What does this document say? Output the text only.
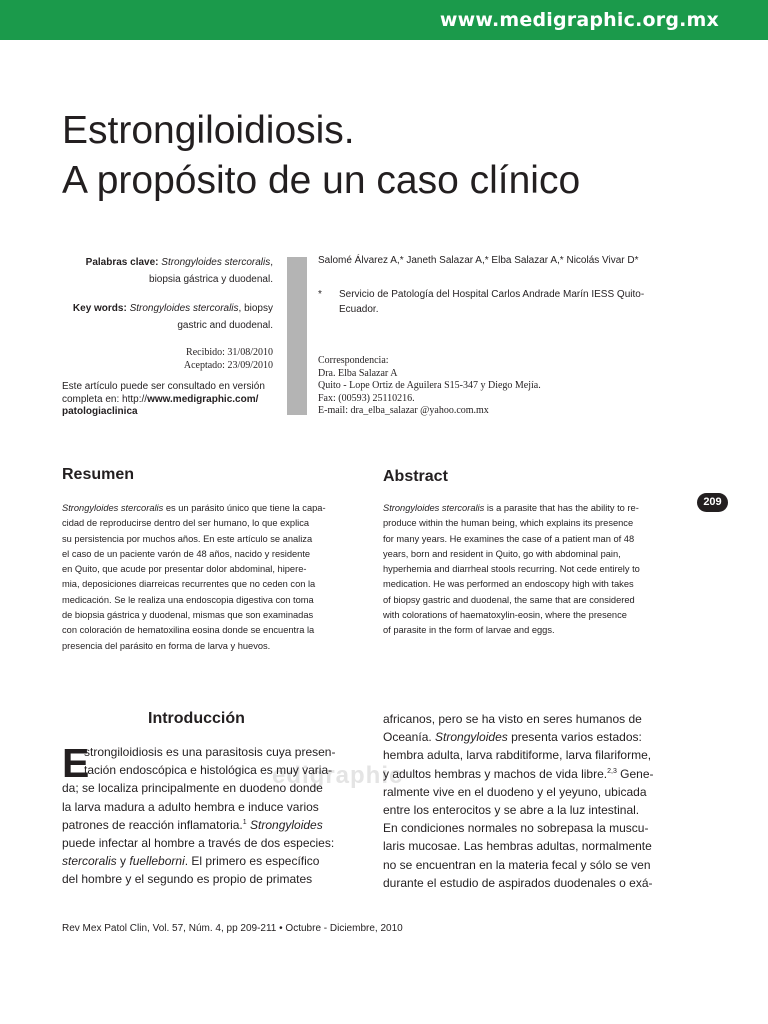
www.medigraphic.org.mx
Estrongiloidiosis.
A propósito de un caso clínico
Palabras clave: Strongyloides stercoralis,
biopsia gástrica y duodenal.
Key words: Strongyloides stercoralis, biopsy
gastric and duodenal.
Recibido: 31/08/2010
Aceptado: 23/09/2010
Este artículo puede ser consultado en versión
completa en: http://www.medigraphic.com/
patologiaclinica
Salomé Álvarez A,* Janeth Salazar A,* Elba Salazar A,* Nicolás Vivar D*
* Servicio de Patología del Hospital Carlos Andrade Marín IESS Quito-
Ecuador.
Correspondencia:
Dra. Elba Salazar A
Quito - Lope Ortiz de Aguilera S15-347 y Diego Mejía.
Fax: (00593) 25110216.
E-mail: dra_elba_salazar @yahoo.com.mx
Resumen
Strongyloides stercoralis es un parásito único que tiene la capa-
cidad de reproducirse dentro del ser humano, lo que explica
su persistencia por muchos años. En este artículo se analiza
el caso de un paciente varón de 48 años, nacido y residente
en Quito, que acude por presentar dolor abdominal, hipere-
mia, deposiciones diarreicas recurrentes que no ceden con la
medicación. Se le realiza una endoscopia digestiva con toma
de biopsia gástrica y duodenal, mismas que son examinadas
con coloración de hematoxilina eosina donde se encuentra la
presencia del parásito en forma de larva y huevos.
Abstract
Strongyloides stercoralis is a parasite that has the ability to re-
produce within the human being, which explains its presence
for many years. He examines the case of a patient man of 48
years, born and resident in Quito, go with abdominal pain,
hyperhemia and diarrheal stools recurring. Not cede entirely to
medication. He was performed an endoscopy high with takes
of biopsy gastric and duodenal, the same that are considered
with colorations of haematoxylin-eosin, where the presence
of parasite in the form of larvae and eggs.
209
edigraphic
Introducción
E
strongiloidiosis es una parasitosis cuya presen-
tación endoscópica e histológica es muy varia-
da; se localiza principalmente en duodeno donde
la larva madura a adulto hembra e induce varios
patrones de reacción inflamatoria.$^1$ Strongyloides
puede infectar al hombre a través de dos especies:
stercoralis y fuelleborni. El primero es específico
del hombre y el segundo es propio de primates
africanos, pero se ha visto en seres humanos de
Oceanía. Strongyloides presenta varios estados:
hembra adulta, larva rabditiforme, larva filariforme,
y adultos hembras y machos de vida libre.$^{2,3}$ Gene-
ralmente vive en el duodeno y el yeyuno, ubicada
entre los enterocitos y se abre a la luz intestinal.
En condiciones normales no sobrepasa la muscu-
laris mucosae. Las hembras adultas, normalmente
no se encuentran en la materia fecal y sólo se ven
durante el estudio de aspirados duodenales o exá-
Rev Mex Patol Clin, Vol. 57, Núm. 4, pp 209-211 • Octubre - Diciembre, 2010
